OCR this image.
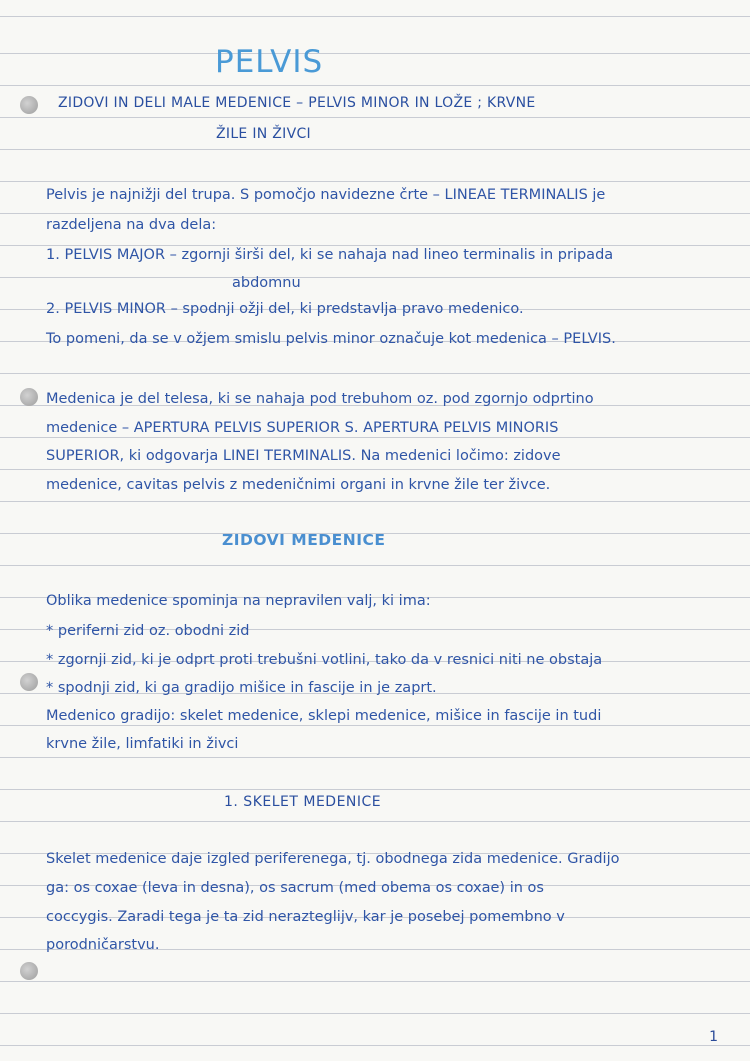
PELVIS
ZIDOVI IN DELI MALE MEDENICE – PELVIS MINOR IN LOŽE ; KRVNE
ŽILE IN ŽIVCI
Pelvis je najnižji del trupa. S pomočjo navidezne črte – LINEAE TERMINALIS je
razdeljena na dva dela:
1. PELVIS MAJOR – zgornji širši del, ki se nahaja nad lineo terminalis in pripada
abdomnu
2. PELVIS MINOR – spodnji ožji del, ki predstavlja pravo medenico.
To pomeni, da se v ožjem smislu pelvis minor označuje kot medenica – PELVIS.
Medenica je del telesa, ki se nahaja pod trebuhom oz. pod zgornjo odprtino
medenice – APERTURA PELVIS SUPERIOR S. APERTURA PELVIS MINORIS
SUPERIOR, ki odgovarja LINEI TERMINALIS. Na medenici ločimo: zidove
medenice, cavitas pelvis z medeničnimi organi in krvne žile ter živce.
ZIDOVI MEDENICE
Oblika medenice spominja na nepravilen valj, ki ima:
* periferni zid oz. obodni zid
* zgornji zid, ki je odprt proti trebušni votlini, tako da v resnici niti ne obstaja
* spodnji zid, ki ga gradijo mišice in fascije in je zaprt.
Medenico gradijo: skelet medenice, sklepi medenice, mišice in fascije in tudi
krvne žile, limfatiki in živci
1. SKELET MEDENICE
Skelet medenice daje izgled periferenega, tj. obodnega zida medenice. Gradijo
ga: os coxae (leva in desna), os sacrum (med obema os coxae) in os
coccygis. Zaradi tega je ta zid nerazteglijv, kar je posebej pomembno v
porodničarstvu.
1
